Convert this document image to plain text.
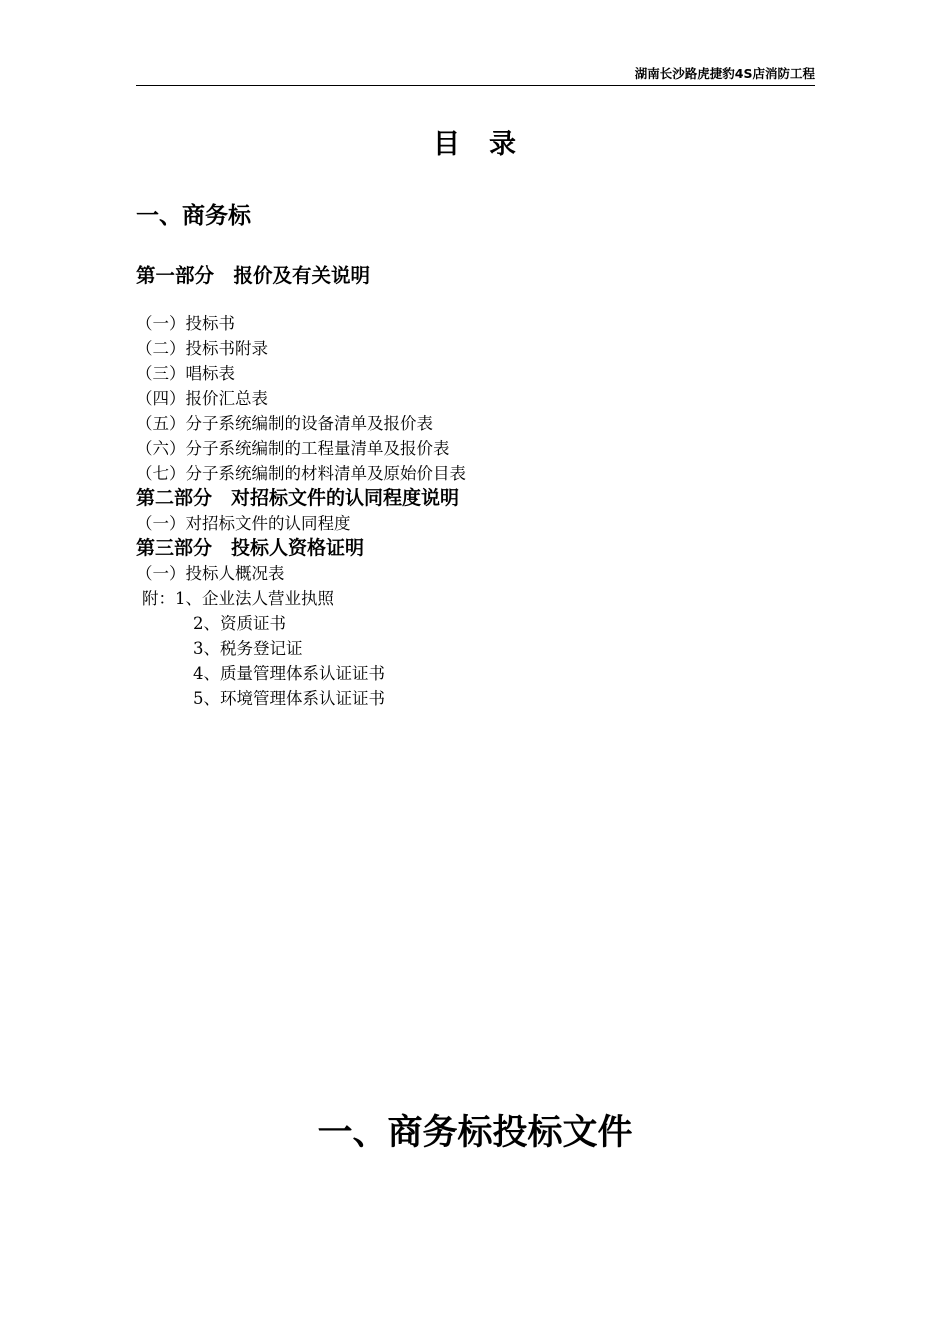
湖南长沙路虎捷豹4S店消防工程
目　录
一、商务标
第一部分　报价及有关说明
（一）投标书
（二）投标书附录
（三）唱标表
（四）报价汇总表
（五）分子系统编制的设备清单及报价表
（六）分子系统编制的工程量清单及报价表
（七）分子系统编制的材料清单及原始价目表
第二部分　对招标文件的认同程度说明
（一）对招标文件的认同程度
第三部分　投标人资格证明
（一）投标人概况表
附：1、企业法人营业执照
2、资质证书
3、税务登记证
4、质量管理体系认证证书
5、环境管理体系认证证书
一、商务标投标文件
